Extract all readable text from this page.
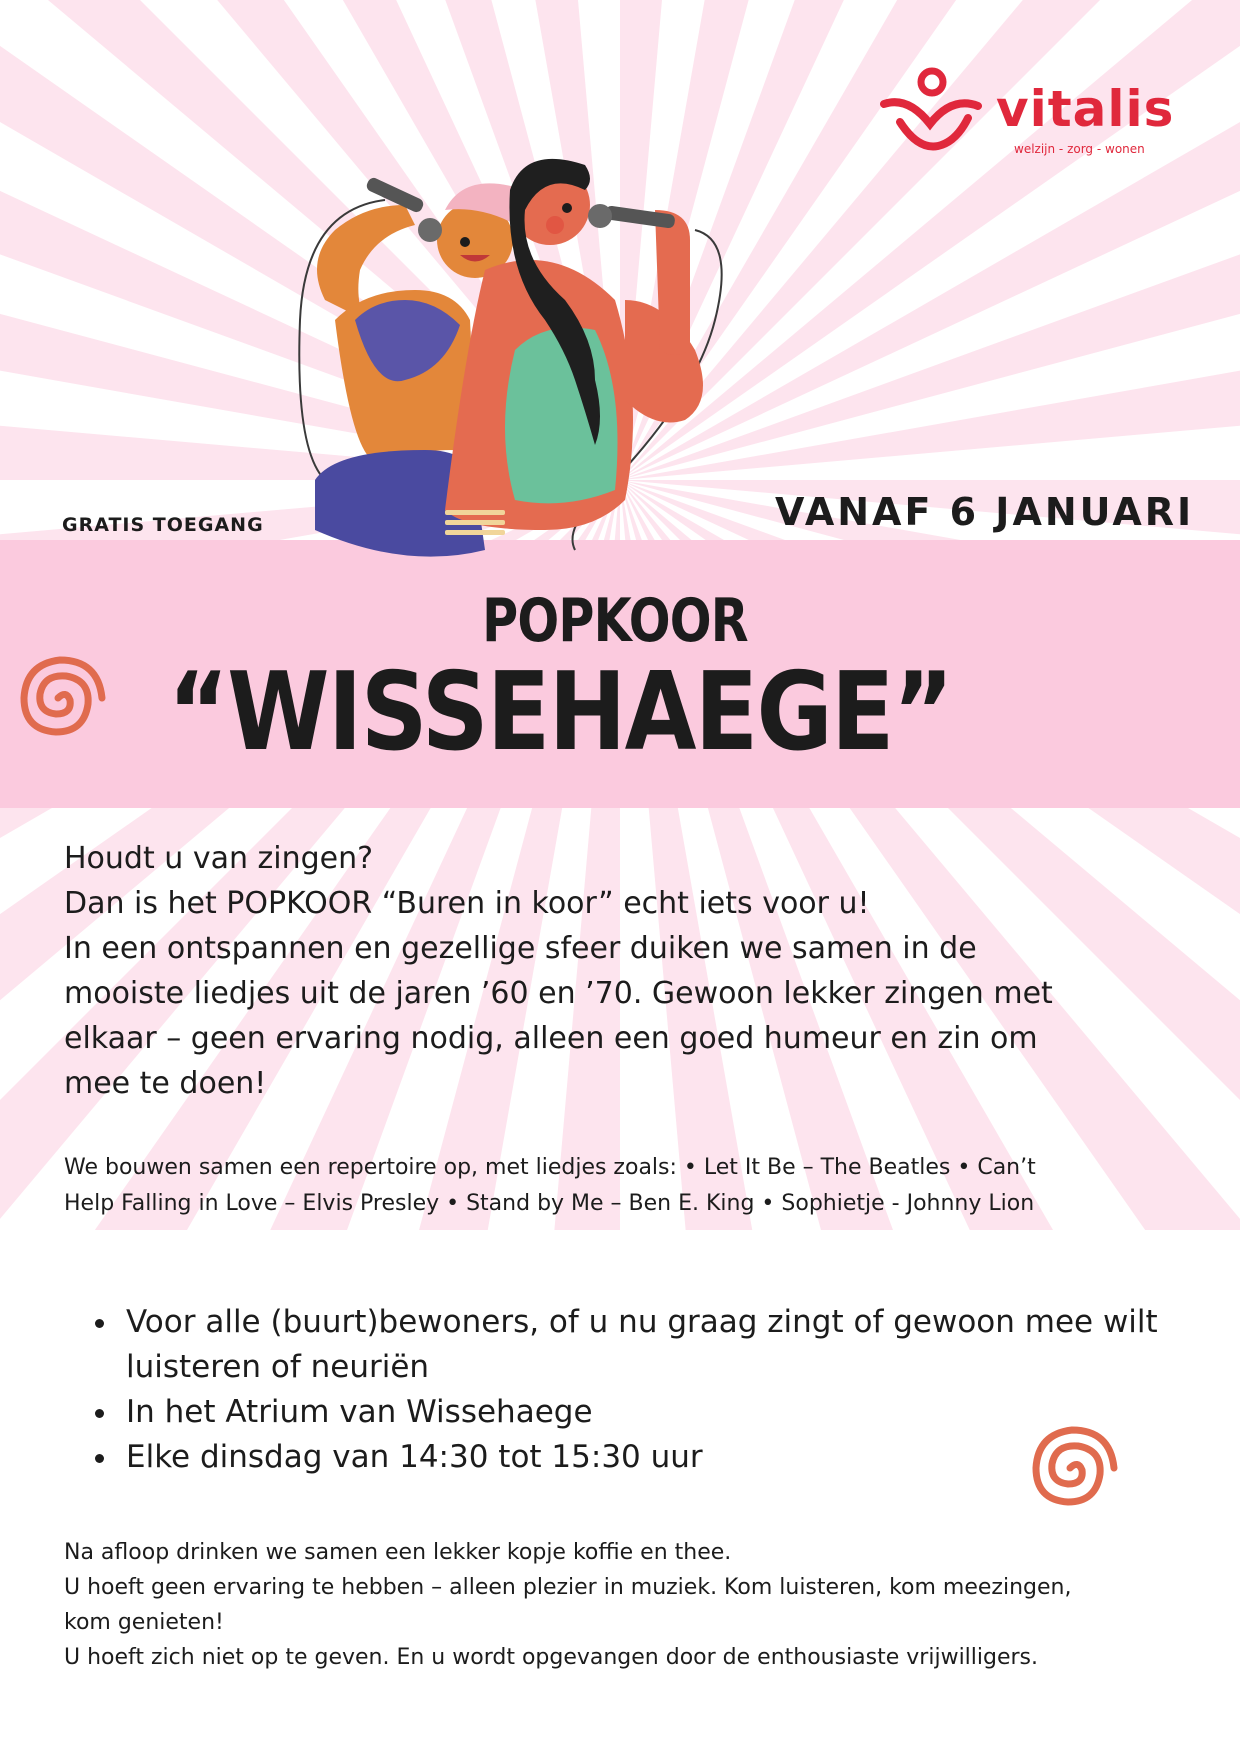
vitalis
welzijn - zorg - wonen
GRATIS TOEGANG	VANAF 6 JANUARI
POPKOOR
“WISSEHAEGE”
Houdt u van zingen?
Dan is het POPKOOR “Buren in koor” echt iets voor u!
In een ontspannen en gezellige sfeer duiken we samen in de
mooiste liedjes uit de jaren ’60 en ’70. Gewoon lekker zingen met
elkaar – geen ervaring nodig, alleen een goed humeur en zin om
mee te doen!
We bouwen samen een repertoire op, met liedjes zoals: • Let It Be – The Beatles • Can’t
Help Falling in Love – Elvis Presley • Stand by Me – Ben E. King • Sophietje - Johnny Lion
• Voor alle (buurt)bewoners, of u nu graag zingt of gewoon mee wilt luisteren of neuriën
• In het Atrium van Wissehaege
• Elke dinsdag van 14:30 tot 15:30 uur
Na afloop drinken we samen een lekker kopje koffie en thee.
U hoeft geen ervaring te hebben – alleen plezier in muziek. Kom luisteren, kom meezingen,
kom genieten!
U hoeft zich niet op te geven. En u wordt opgevangen door de enthousiaste vrijwilligers.
